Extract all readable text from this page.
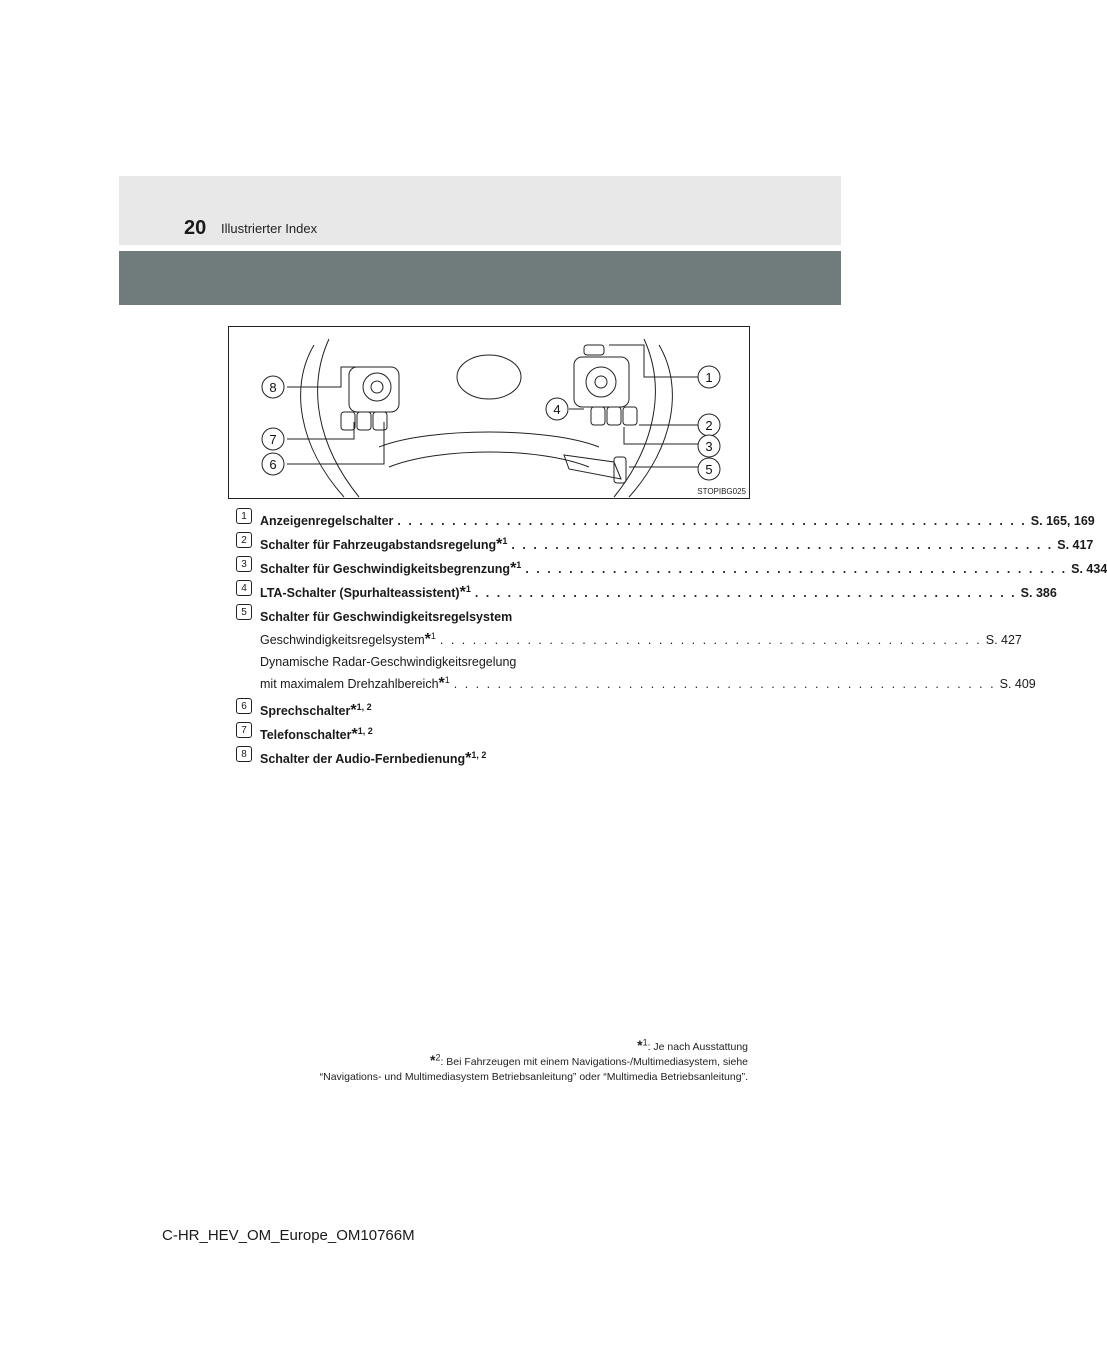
20 Illustrierter Index
8
7
6
4
1
2
3
5
STOPIBG025
1	Anzeigenregelschalter . . . . . . . . . . . . . . . . . . . . . . . . . . . . . . . . . . . . . . . . . . . . . . . . . . . . . . . . . . S. 165, 169
2	Schalter für Fahrzeugabstandsregelung*$^1$ . . . . . . . . . . . . . . . . . . . . . . . . . . . . . . . . . . . . . . . . . . . . . . . . . . S. 417
3	Schalter für Geschwindigkeitsbegrenzung*$^1$ . . . . . . . . . . . . . . . . . . . . . . . . . . . . . . . . . . . . . . . . . . . . . . . . . . S. 434
4	LTA-Schalter (Spurhalteassistent)*$^1$ . . . . . . . . . . . . . . . . . . . . . . . . . . . . . . . . . . . . . . . . . . . . . . . . . . S. 386
5	Schalter für Geschwindigkeitsregelsystem
Geschwindigkeitsregelsystem*$^1$ . . . . . . . . . . . . . . . . . . . . . . . . . . . . . . . . . . . . . . . . . . . . . . . . . . S. 427
Dynamische Radar-Geschwindigkeitsregelung
mit maximalem Drehzahlbereich*$^1$ . . . . . . . . . . . . . . . . . . . . . . . . . . . . . . . . . . . . . . . . . . . . . . . . . . S. 409
6	Sprechschalter*$^{1, 2}$
7	Telefonschalter*$^{1, 2}$
8	Schalter der Audio-Fernbedienung*$^{1, 2}$
*$^1$: Je nach Ausstattung
*$^2$: Bei Fahrzeugen mit einem Navigations-/Multimediasystem, siehe
“Navigations- und Multimediasystem Betriebsanleitung” oder “Multimedia Betriebsanleitung”.
C-HR_HEV_OM_Europe_OM10766M
